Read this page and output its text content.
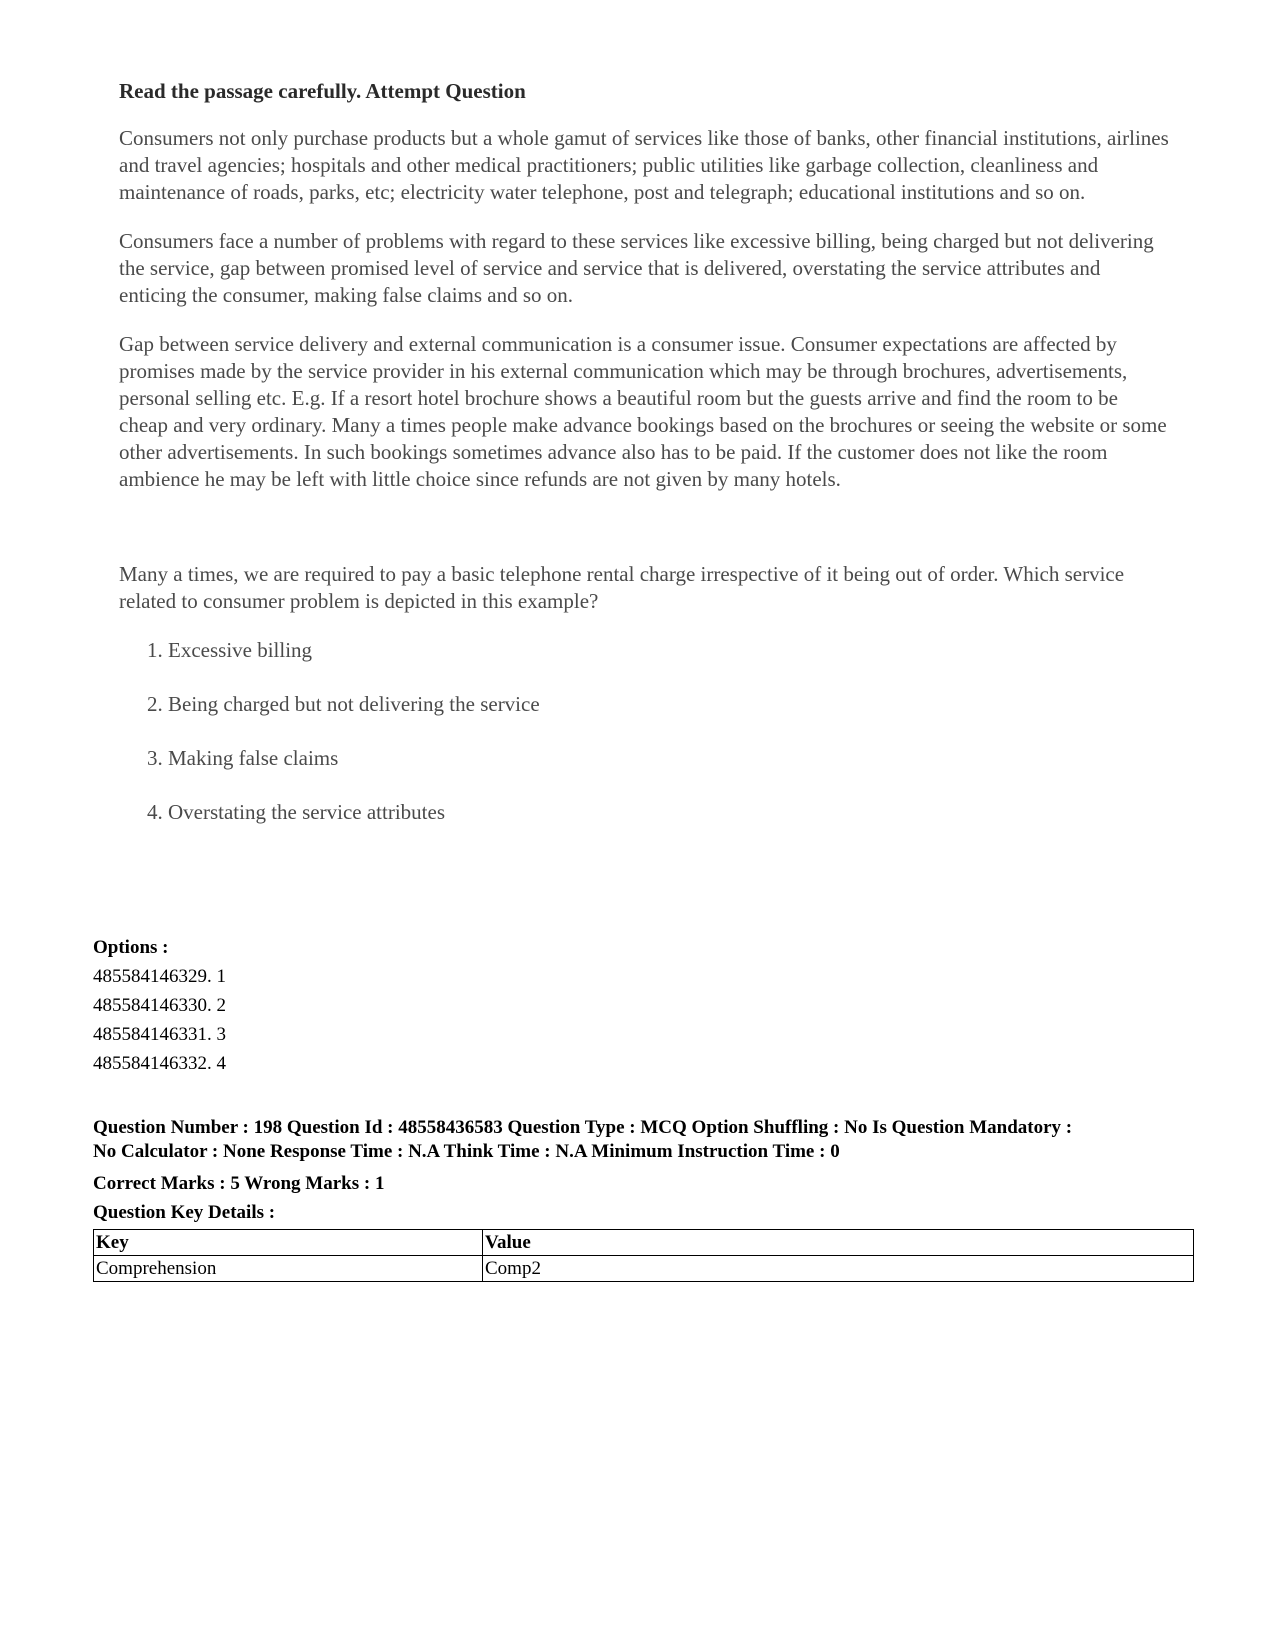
Read the passage carefully. Attempt Question

Consumers not only purchase products but a whole gamut of services like those of banks, other financial institutions, airlines and travel agencies; hospitals and other medical practitioners; public utilities like garbage collection, cleanliness and maintenance of roads, parks, etc; electricity water telephone, post and telegraph; educational institutions and so on.

Consumers face a number of problems with regard to these services like excessive billing, being charged but not delivering the service, gap between promised level of service and service that is delivered, overstating the service attributes and enticing the consumer, making false claims and so on.

Gap between service delivery and external communication is a consumer issue. Consumer expectations are affected by promises made by the service provider in his external communication which may be through brochures, advertisements, personal selling etc. E.g. If a resort hotel brochure shows a beautiful room but the guests arrive and find the room to be cheap and very ordinary. Many a times people make advance bookings based on the brochures or seeing the website or some other advertisements. In such bookings sometimes advance also has to be paid. If the customer does not like the room ambience he may be left with little choice since refunds are not given by many hotels.

Many a times, we are required to pay a basic telephone rental charge irrespective of it being out of order. Which service related to consumer problem is depicted in this example?

1. Excessive billing
2. Being charged but not delivering the service
3. Making false claims
4. Overstating the service attributes
Options :
485584146329. 1
485584146330. 2
485584146331. 3
485584146332. 4
Question Number : 198 Question Id : 48558436583 Question Type : MCQ Option Shuffling : No Is Question Mandatory :
No Calculator : None Response Time : N.A Think Time : N.A Minimum Instruction Time : 0
Correct Marks : 5 Wrong Marks : 1
Question Key Details :
Key	Value
Comprehension	Comp2
